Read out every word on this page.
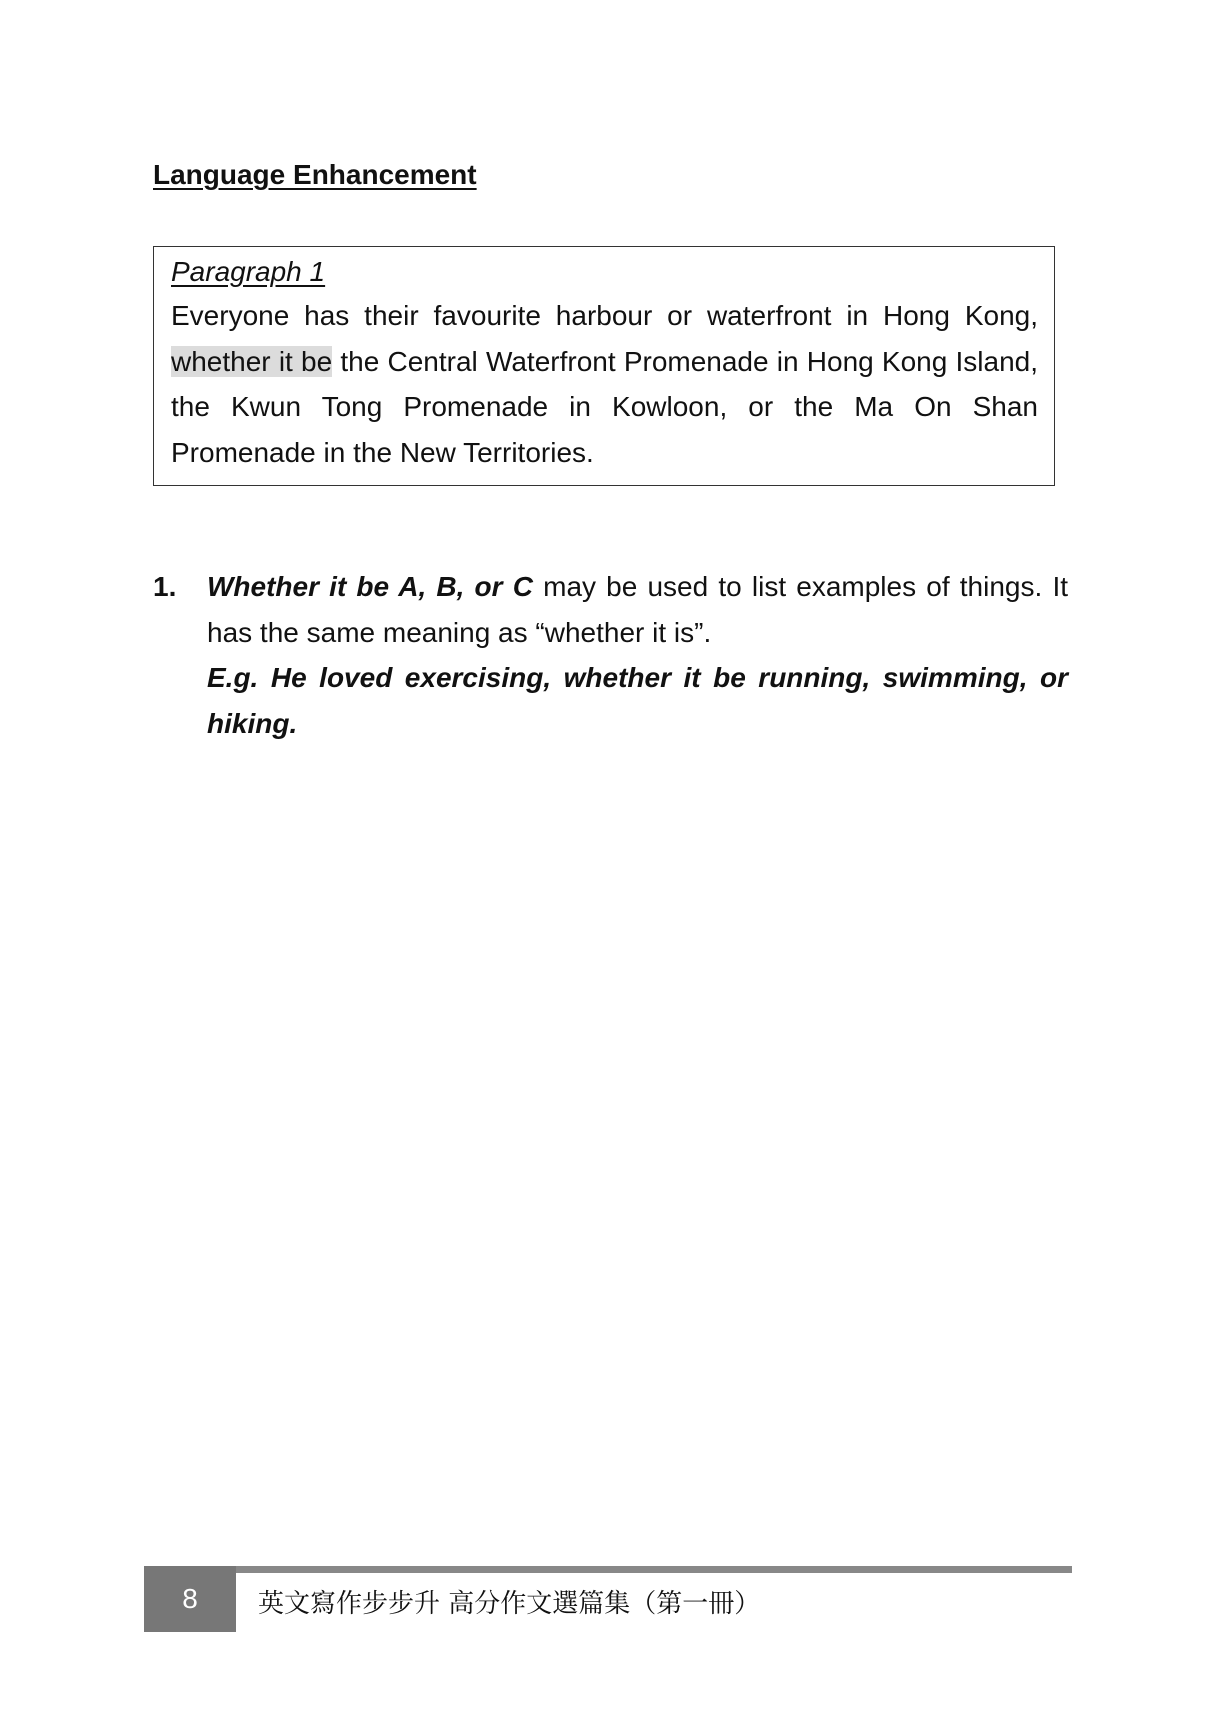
Language Enhancement

Paragraph 1

Everyone has their favourite harbour or waterfront in Hong Kong, whether it be the Central Waterfront Promenade in Hong Kong Island, the Kwun Tong Promenade in Kowloon, or the Ma On Shan Promenade in the New Territories.

1. Whether it be A, B, or C may be used to list examples of things. It has the same meaning as “whether it is”.
E.g. He loved exercising, whether it be running, swimming, or hiking.
8	英文寫作步步升 高分作文選篇集（第一冊）
